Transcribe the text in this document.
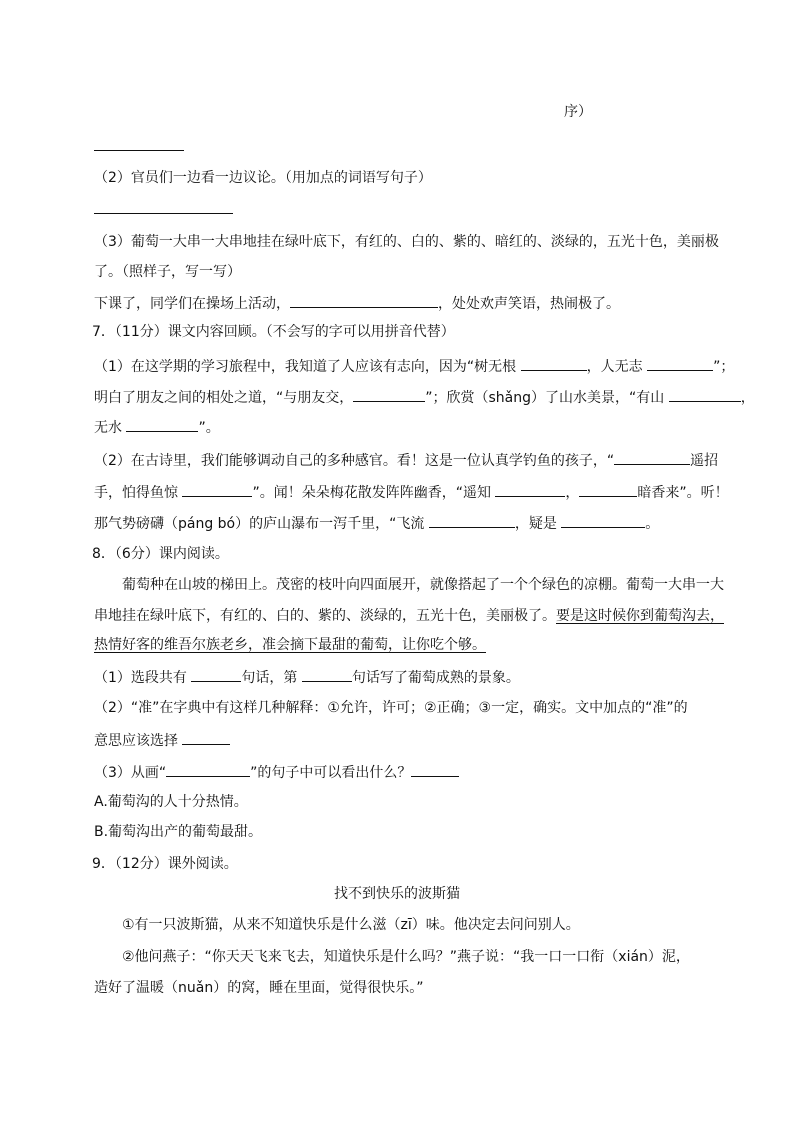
序）
（2）官员们一边看一边议论。（用加点的词语写句子）
（3）葡萄一大串一大串地挂在绿叶底下，有红的、白的、紫的、暗红的、淡绿的，五光十色，美丽极
了。（照样子，写一写）
下课了，同学们在操场上活动，	，处处欢声笑语，热闹极了。
7．（11分）课文内容回顾。（不会写的字可以用拼音代替）
（1）在这学期的学习旅程中，我知道了人应该有志向，因为“树无根	，人无志	”；
明白了朋友之间的相处之道，“与朋友交，	”；欣赏（shǎng）了山水美景，“有山	，
无水	”。
（2）在古诗里，我们能够调动自己的多种感官。看！这是一位认真学钓鱼的孩子，“	遥招
手，怕得鱼惊	”。闻！朵朵梅花散发阵阵幽香，“遥知	，	暗香来”。听！
那气势磅礴（páng bó）的庐山瀑布一泻千里，“飞流	，疑是	。
8．（6分）课内阅读。
葡萄种在山坡的梯田上。茂密的枝叶向四面展开，就像搭起了一个个绿色的凉棚。葡萄一大串一大
串地挂在绿叶底下，有红的、白的、紫的、淡绿的，五光十色，美丽极了。要是这时候你到葡萄沟去，
热情好客的维吾尔族老乡，准会摘下最甜的葡萄，让你吃个够。
（1）选段共有	句话，第	句话写了葡萄成熟的景象。
（2）“准”在字典中有这样几种解释：①允许，许可；②正确；③一定，确实。文中加点的“准”的
意思应该选择
（3）从画“	”的句子中可以看出什么？
A.葡萄沟的人十分热情。
B.葡萄沟出产的葡萄最甜。
9．（12分）课外阅读。
找不到快乐的波斯猫
①有一只波斯猫，从来不知道快乐是什么滋（zī）味。他决定去问问别人。
②他问燕子：“你天天飞来飞去，知道快乐是什么吗？”燕子说：“我一口一口衔（xián）泥，
造好了温暖（nuǎn）的窝，睡在里面，觉得很快乐。”
